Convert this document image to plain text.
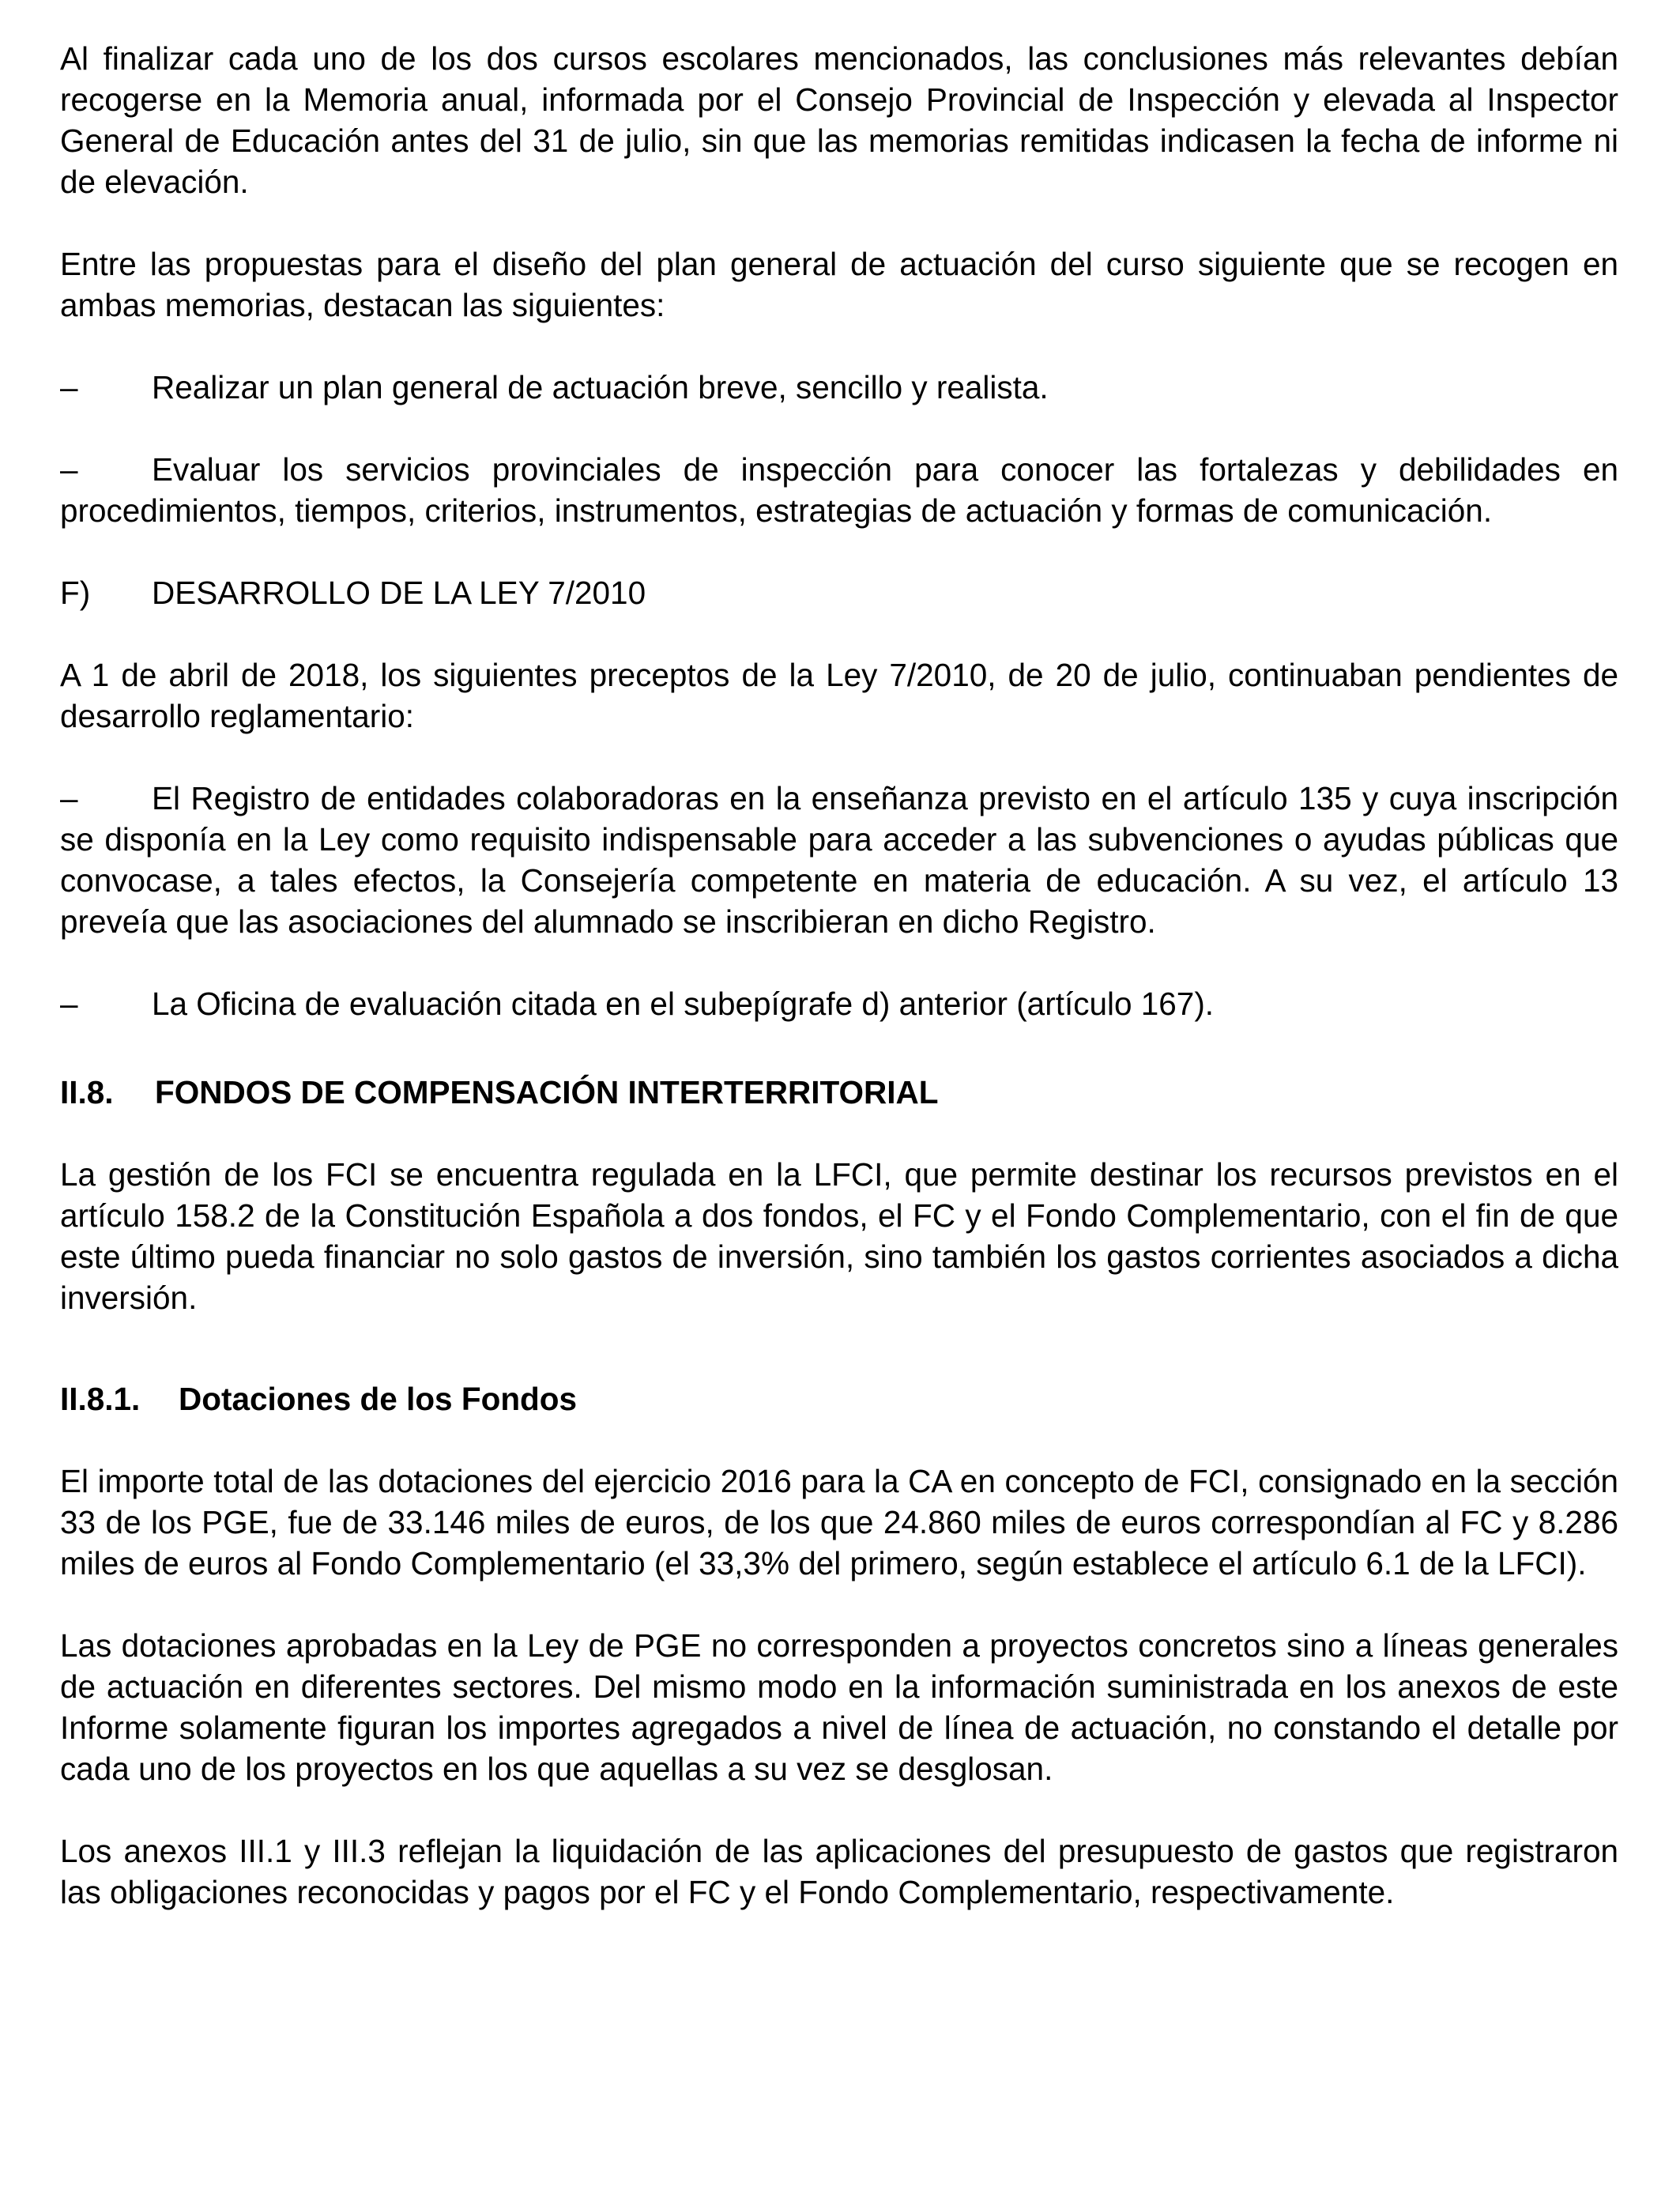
Al finalizar cada uno de los dos cursos escolares mencionados, las conclusiones más relevantes debían recogerse en la Memoria anual, informada por el Consejo Provincial de Inspección y elevada al Inspector General de Educación antes del 31 de julio, sin que las memorias remitidas indicasen la fecha de informe ni de elevación.

Entre las propuestas para el diseño del plan general de actuación del curso siguiente que se recogen en ambas memorias, destacan las siguientes:

– Realizar un plan general de actuación breve, sencillo y realista.

– Evaluar los servicios provinciales de inspección para conocer las fortalezas y debilidades en procedimientos, tiempos, criterios, instrumentos, estrategias de actuación y formas de comunicación.

F) DESARROLLO DE LA LEY 7/2010

A 1 de abril de 2018, los siguientes preceptos de la Ley 7/2010, de 20 de julio, continuaban pendientes de desarrollo reglamentario:

– El Registro de entidades colaboradoras en la enseñanza previsto en el artículo 135 y cuya inscripción se disponía en la Ley como requisito indispensable para acceder a las subvenciones o ayudas públicas que convocase, a tales efectos, la Consejería competente en materia de educación. A su vez, el artículo 13 preveía que las asociaciones del alumnado se inscribieran en dicho Registro.

– La Oficina de evaluación citada en el subepígrafe d) anterior (artículo 167).

II.8. FONDOS DE COMPENSACIÓN INTERTERRITORIAL

La gestión de los FCI se encuentra regulada en la LFCI, que permite destinar los recursos previstos en el artículo 158.2 de la Constitución Española a dos fondos, el FC y el Fondo Complementario, con el fin de que este último pueda financiar no solo gastos de inversión, sino también los gastos corrientes asociados a dicha inversión.

II.8.1. Dotaciones de los Fondos

El importe total de las dotaciones del ejercicio 2016 para la CA en concepto de FCI, consignado en la sección 33 de los PGE, fue de 33.146 miles de euros, de los que 24.860 miles de euros correspondían al FC y 8.286 miles de euros al Fondo Complementario (el 33,3% del primero, según establece el artículo 6.1 de la LFCI).

Las dotaciones aprobadas en la Ley de PGE no corresponden a proyectos concretos sino a líneas generales de actuación en diferentes sectores. Del mismo modo en la información suministrada en los anexos de este Informe solamente figuran los importes agregados a nivel de línea de actuación, no constando el detalle por cada uno de los proyectos en los que aquellas a su vez se desglosan.

Los anexos III.1 y III.3 reflejan la liquidación de las aplicaciones del presupuesto de gastos que registraron las obligaciones reconocidas y pagos por el FC y el Fondo Complementario, respectivamente.
